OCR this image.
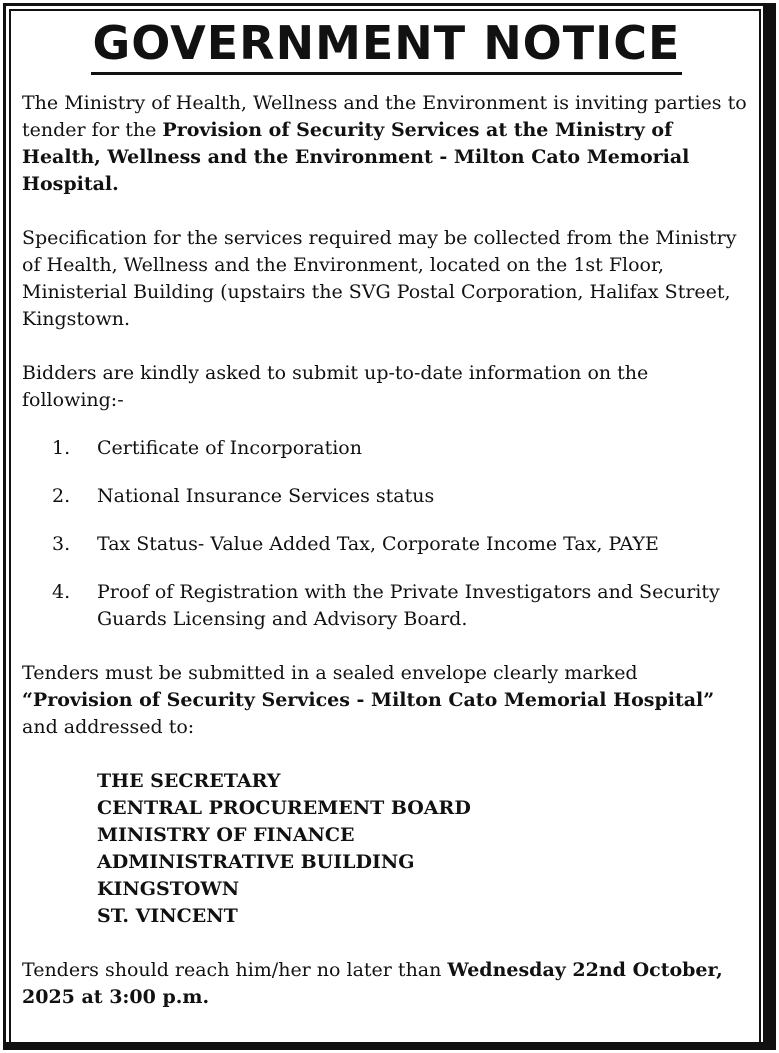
GOVERNMENT NOTICE

The Ministry of Health, Wellness and the Environment is inviting parties to tender for the Provision of Security Services at the Ministry of Health, Wellness and the Environment - Milton Cato Memorial Hospital.

Specification for the services required may be collected from the Ministry of Health, Wellness and the Environment, located on the 1st Floor, Ministerial Building (upstairs the SVG Postal Corporation, Halifax Street, Kingstown.

Bidders are kindly asked to submit up-to-date information on the following:-

1. Certificate of Incorporation
2. National Insurance Services status
3. Tax Status- Value Added Tax, Corporate Income Tax, PAYE
4. Proof of Registration with the Private Investigators and Security Guards Licensing and Advisory Board.

Tenders must be submitted in a sealed envelope clearly marked
“Provision of Security Services - Milton Cato Memorial Hospital” and addressed to:

THE SECRETARY
CENTRAL PROCUREMENT BOARD
MINISTRY OF FINANCE
ADMINISTRATIVE BUILDING
KINGSTOWN
ST. VINCENT

Tenders should reach him/her no later than Wednesday 22nd October, 2025 at 3:00 p.m.
